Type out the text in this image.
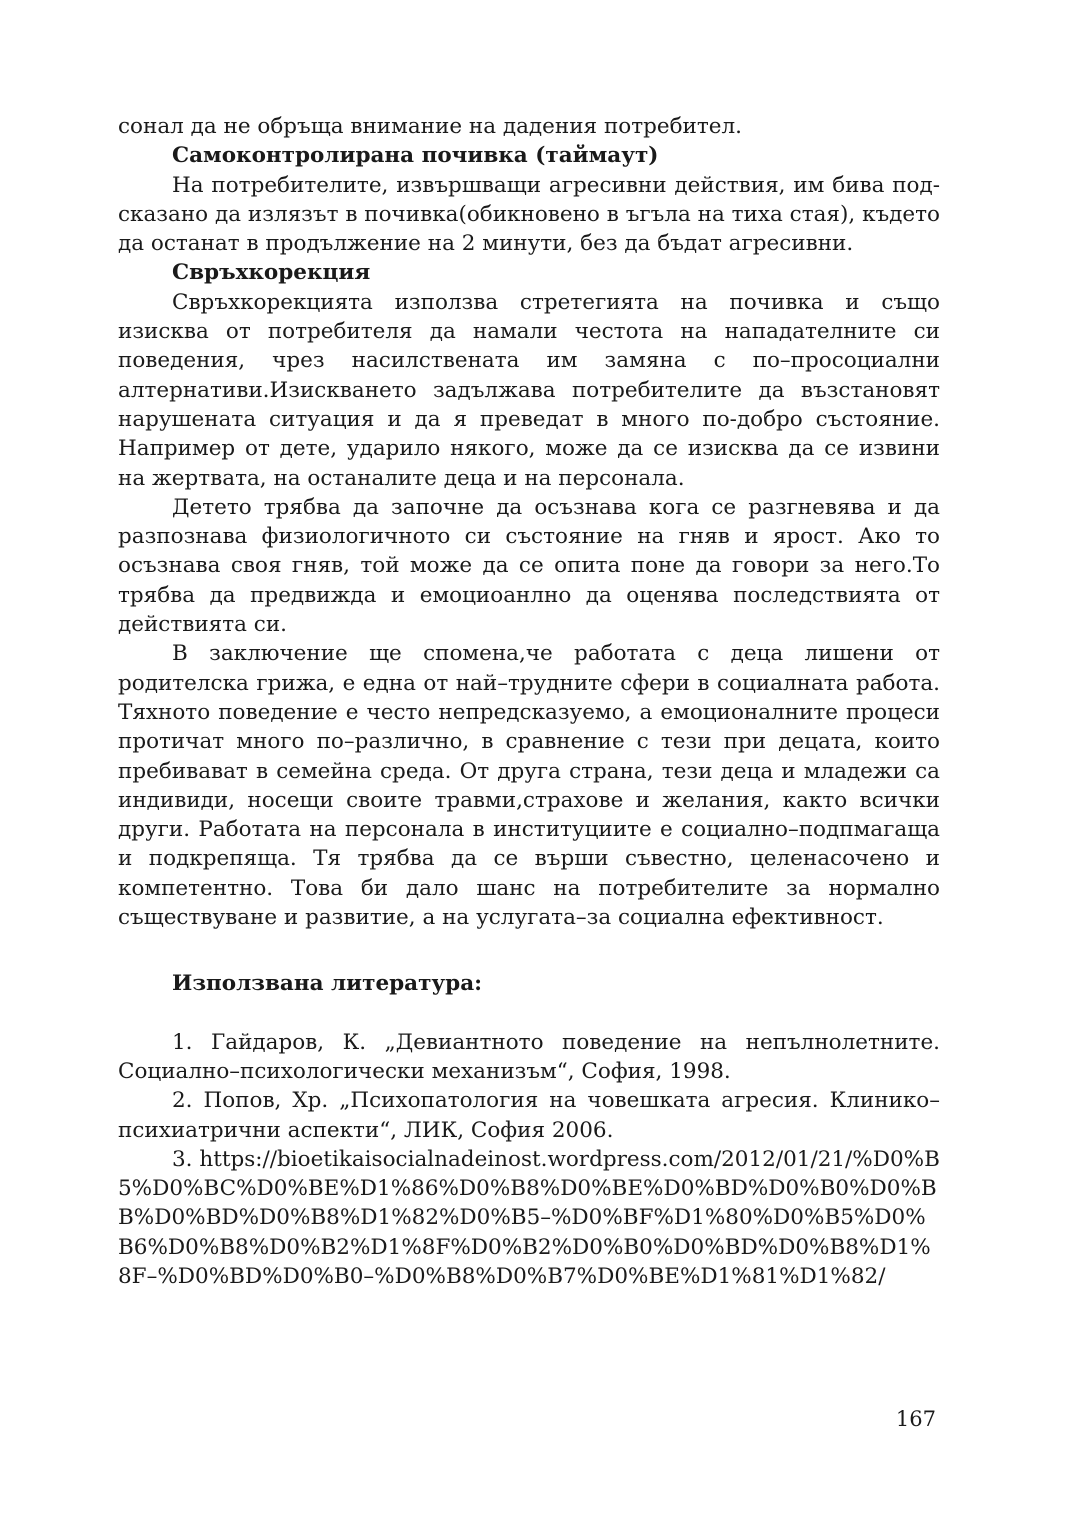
сонал да не обръща внимание на дадения потребител.

Самоконтролирана почивка (таймаут)

На потребителите, извършващи агресивни действия, им бива подсказано да излязът в почивка(обикновено в ъгъла на тиха стая), където да останат в продължение на 2 минути, без да бъдат агресивни.

Свръхкорекция

Свръхкорекцията използва стретегията на почивка и също изисква от потребителя да намали честота на нападателните си поведения, чрез насилствената им замяна с по–просоциални алтернативи.Изискването задължава потребителите да възстановят нарушената ситуация и да я преведат в много по-добро състояние. Например от дете, ударило някого, може да се изисква да се извини на жертвата, на останалите деца и на персонала.

Детето трябва да започне да осъзнава кога се разгневява и да разпознава физиологичното си състояние на гняв и ярост. Ако то осъзнава своя гняв, той може да се опита поне да говори за него.То трябва да предвижда и емоциоанлно да оценява последствията от действията си.

В заключение ще спомена,че работата с деца лишени от родителска грижа, е една от най–трудните сфери в социалната работа. Тяхното поведение е често непредсказуемо, а емоционалните процеси протичат много по–различно, в сравнение с тези при децата, които пребивават в семейна среда. От друга страна, тези деца и младежи са индивиди, носещи своите травми,страхове и желания, както всички други. Работата на персонала в институциите е социално–подпмагаща и подкрепяща. Тя трябва да се върши съвестно, целенасочено и компетентно. Това би дало шанс на потребителите за нормално съществуване и развитие, а на услугата–за социална ефективност.

Използвана литература:

1. Гайдаров, К. „Девиантното поведение на непълнолетните. Социално–психологически механизъм“, София, 1998.

2. Попов, Хр. „Психопатология на човешката агресия. Клинико–психиатрични аспекти“, ЛИК, София 2006.

3. https://bioetikaisocialnadeinost.wordpress.com/2012/01/21/%D0%B5%D0%BC%D0%BE%D1%86%D0%B8%D0%BE%D0%BD%D0%B0%D0%BB%D0%BD%D0%B8%D1%82%D0%B5–%D0%BF%D1%80%D0%B5%D0%B6%D0%B8%D0%B2%D1%8F%D0%B2%D0%B0%D0%BD%D0%B8%D1%8F–%D0%BD%D0%B0–%D0%B8%D0%B7%D0%BE%D1%81%D1%82/

167
